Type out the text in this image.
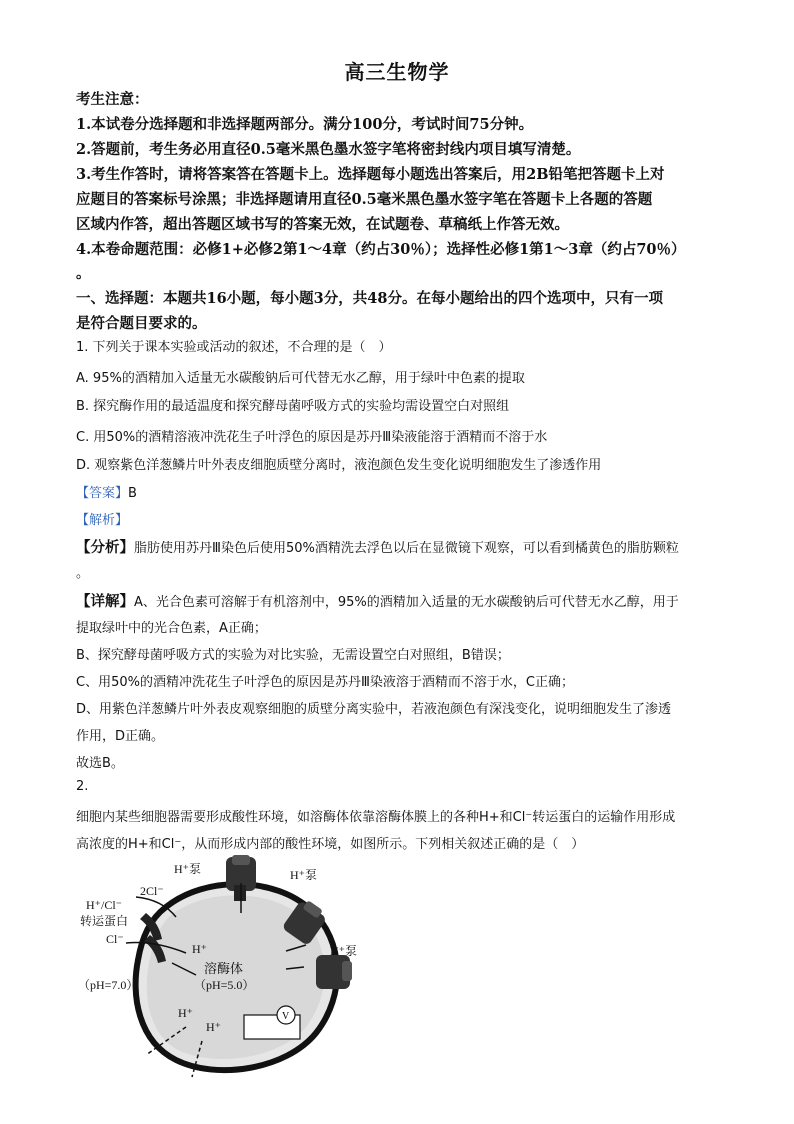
高三生物学
考生注意：
1.本试卷分选择题和非选择题两部分。满分100分，考试时间75分钟。
2.答题前，考生务必用直径0.5毫米黑色墨水签字笔将密封线内项目填写清楚。
3.考生作答时，请将答案答在答题卡上。选择题每小题选出答案后，用2B铅笔把答题卡上对
应题目的答案标号涂黑；非选择题请用直径0.5毫米黑色墨水签字笔在答题卡上各题的答题
区域内作答，超出答题区域书写的答案无效，在试题卷、草稿纸上作答无效。
4.本卷命题范围：必修1+必修2第1～4章（约占30％）；选择性必修1第1～3章（约占70％）
。
一、选择题：本题共16小题，每小题3分，共48分。在每小题给出的四个选项中，只有一项
是符合题目要求的。
1. 下列关于课本实验或活动的叙述，不合理的是（　）
A. 95%的酒精加入适量无水碳酸钠后可代替无水乙醇，用于绿叶中色素的提取
B. 探究酶作用的最适温度和探究酵母菌呼吸方式的实验均需设置空白对照组
C. 用50%的酒精溶液冲洗花生子叶浮色的原因是苏丹Ⅲ染液能溶于酒精而不溶于水
D. 观察紫色洋葱鳞片叶外表皮细胞质壁分离时，液泡颜色发生变化说明细胞发生了渗透作用
【答案】B
【解析】
【分析】脂肪使用苏丹Ⅲ染色后使用50%酒精洗去浮色以后在显微镜下观察，可以看到橘黄色的脂肪颗粒
。
【详解】A、光合色素可溶解于有机溶剂中，95%的酒精加入适量的无水碳酸钠后可代替无水乙醇，用于
提取绿叶中的光合色素，A正确；
B、探究酵母菌呼吸方式的实验为对比实验，无需设置空白对照组，B错误；
C、用50%的酒精冲洗花生子叶浮色的原因是苏丹Ⅲ染液溶于酒精而不溶于水，C正确；
D、用紫色洋葱鳞片叶外表皮观察细胞的质壁分离实验中，若液泡颜色有深浅变化，说明细胞发生了渗透
作用，D正确。
故选B。
2.
细胞内某些细胞器需要形成酸性环境，如溶酶体依靠溶酶体膜上的各种H+和Cl⁻转运蛋白的运输作用形成
高浓度的H+和Cl⁻，从而形成内部的酸性环境，如图所示。下列相关叙述正确的是（　）
V
H⁺泵	H⁺泵
H⁺泵
2Cl⁻
H⁺/Cl⁻
转运蛋白
Cl⁻
H⁺
溶酶体
（pH=5.0）
（pH=7.0）
H⁺
H⁺
